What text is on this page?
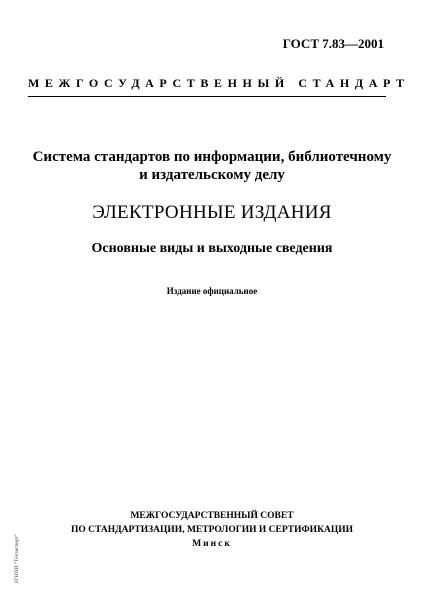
ГОСТ 7.83—2001
МЕЖГОСУДАРСТВЕННЫЙ СТАНДАРТ
Система стандартов по информации, библиотечному
и издательскому делу
ЭЛЕКТРОННЫЕ ИЗДАНИЯ
Основные виды и выходные сведения
Издание официальное
МЕЖГОСУДАРСТВЕННЫЙ СОВЕТ
ПО СТАНДАРТИЗАЦИИ, МЕТРОЛОГИИ И СЕРТИФИКАЦИИ
Минск
ЭГНПИ "Техэксперт"
